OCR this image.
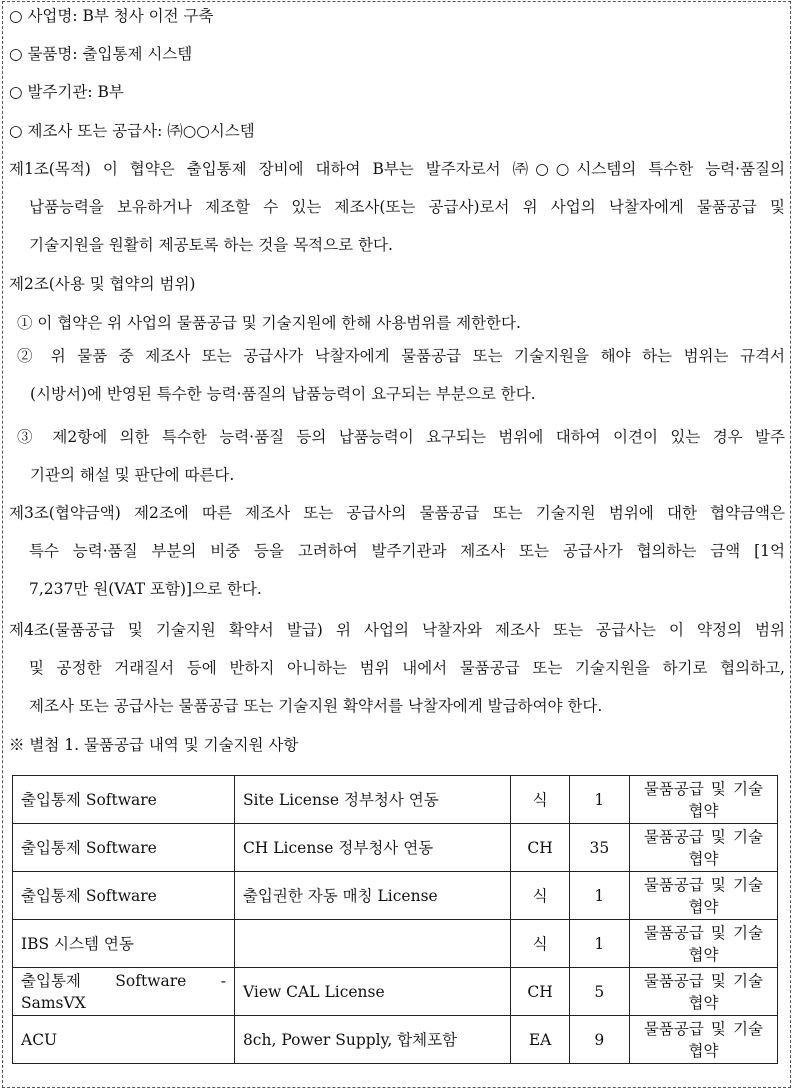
○ 사업명: B부 청사 이전 구축
○ 물품명: 출입통제 시스템
○ 발주기관: B부
○ 제조사 또는 공급사: ㈜○○시스템
제1조(목적) 이 협약은 출입통제 장비에 대하여 B부는 발주자로서 ㈜○○시스템의 특수한 능력·품질의
납품능력을 보유하거나 제조할 수 있는 제조사(또는 공급사)로서 위 사업의 낙찰자에게 물품공급 및
기술지원을 원활히 제공토록 하는 것을 목적으로 한다.
제2조(사용 및 협약의 범위)
① 이 협약은 위 사업의 물품공급 및 기술지원에 한해 사용범위를 제한한다.
② 위 물품 중 제조사 또는 공급사가 낙찰자에게 물품공급 또는 기술지원을 해야 하는 범위는 규격서
(시방서)에 반영된 특수한 능력·품질의 납품능력이 요구되는 부분으로 한다.
③ 제2항에 의한 특수한 능력·품질 등의 납품능력이 요구되는 범위에 대하여 이견이 있는 경우 발주
기관의 해설 및 판단에 따른다.
제3조(협약금액) 제2조에 따른 제조사 또는 공급사의 물품공급 또는 기술지원 범위에 대한 협약금액은
특수 능력·품질 부분의 비중 등을 고려하여 발주기관과 제조사 또는 공급사가 협의하는 금액 [1억
7,237만 원(VAT 포함)]으로 한다.
제4조(물품공급 및 기술지원 확약서 발급) 위 사업의 낙찰자와 제조사 또는 공급사는 이 약정의 범위
및 공정한 거래질서 등에 반하지 아니하는 범위 내에서 물품공급 또는 기술지원을 하기로 협의하고,
제조사 또는 공급사는 물품공급 또는 기술지원 확약서를 낙찰자에게 발급하여야 한다.
※ 별첨 1. 물품공급 내역 및 기술지원 사항
출입통제 Software	Site License 정부청사 연동	식	1	물품공급 및 기술
협약

출입통제 Software	CH License 정부청사 연동	CH	35	물품공급 및 기술
협약

출입통제 Software	출입권한 자동 매칭 License	식	1	물품공급 및 기술
협약

IBS 시스템 연동		식	1	물품공급 및 기술
협약

출입통제 Software -
SamsVX	View CAL License	CH	5	물품공급 및 기술
협약

ACU	8ch, Power Supply, 합체포함	EA	9	물품공급 및 기술
협약
